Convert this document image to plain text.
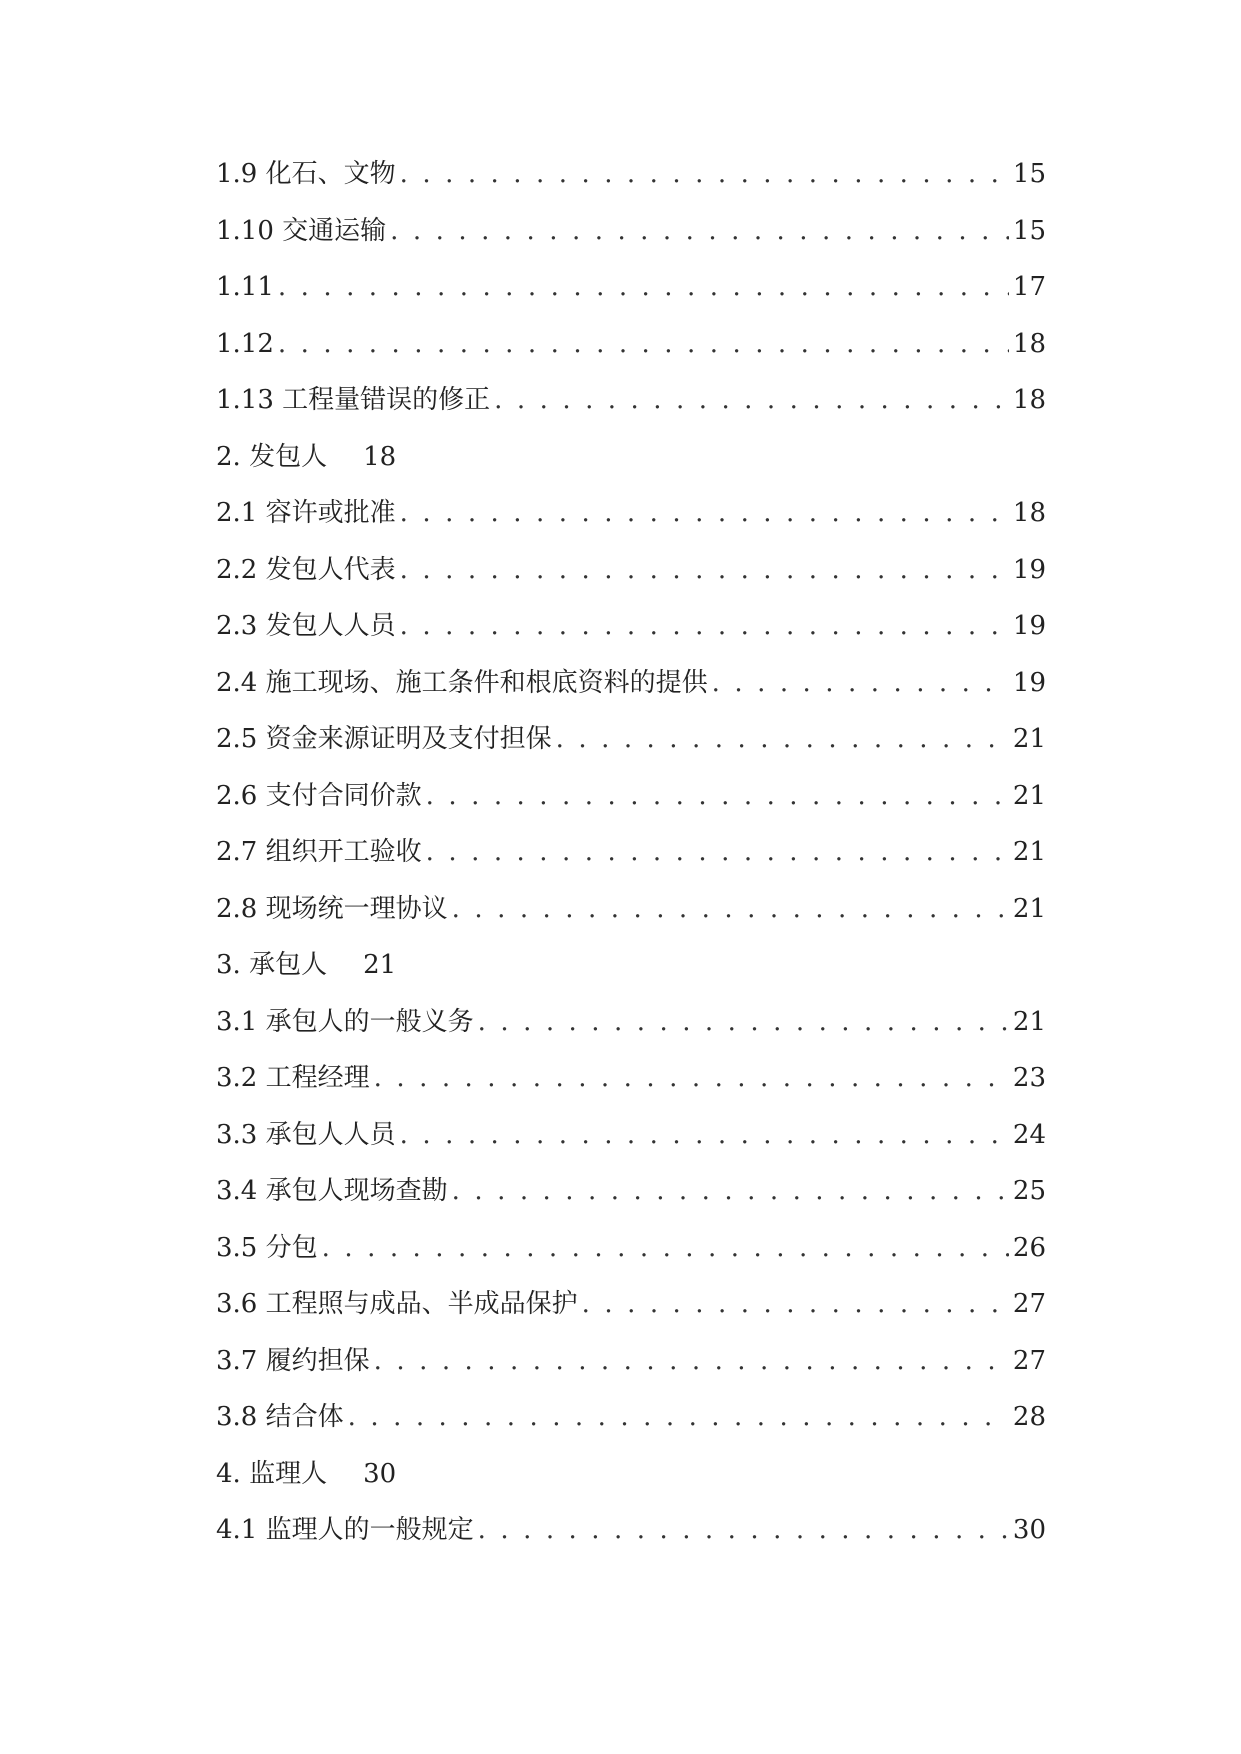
1.9 化石、文物 . . .	15
1.10 交通运输 . . .	15
1.11 . . .	17
1.12 . . .	18
1.13 工程量错误的修正 . . .	18
2. 发包人 18
2.1 容许或批准 . . .	18
2.2 发包人代表 . . .	19
2.3 发包人人员 . . .	19
2.4 施工现场、施工条件和根底资料的提供 . . .	19
2.5 资金来源证明及支付担保 . . .	21
2.6 支付合同价款 . . .	21
2.7 组织开工验收 . . .	21
2.8 现场统一理协议 . . .	21
3. 承包人 21
3.1 承包人的一般义务 . . .	21
3.2 工程经理 . . .	23
3.3 承包人人员 . . .	24
3.4 承包人现场查勘 . . .	25
3.5 分包 . . .	26
3.6 工程照与成品、半成品保护 . . .	27
3.7 履约担保 . . .	27
3.8 结合体 . . .	28
4. 监理人 30
4.1 监理人的一般规定 . . .	30
